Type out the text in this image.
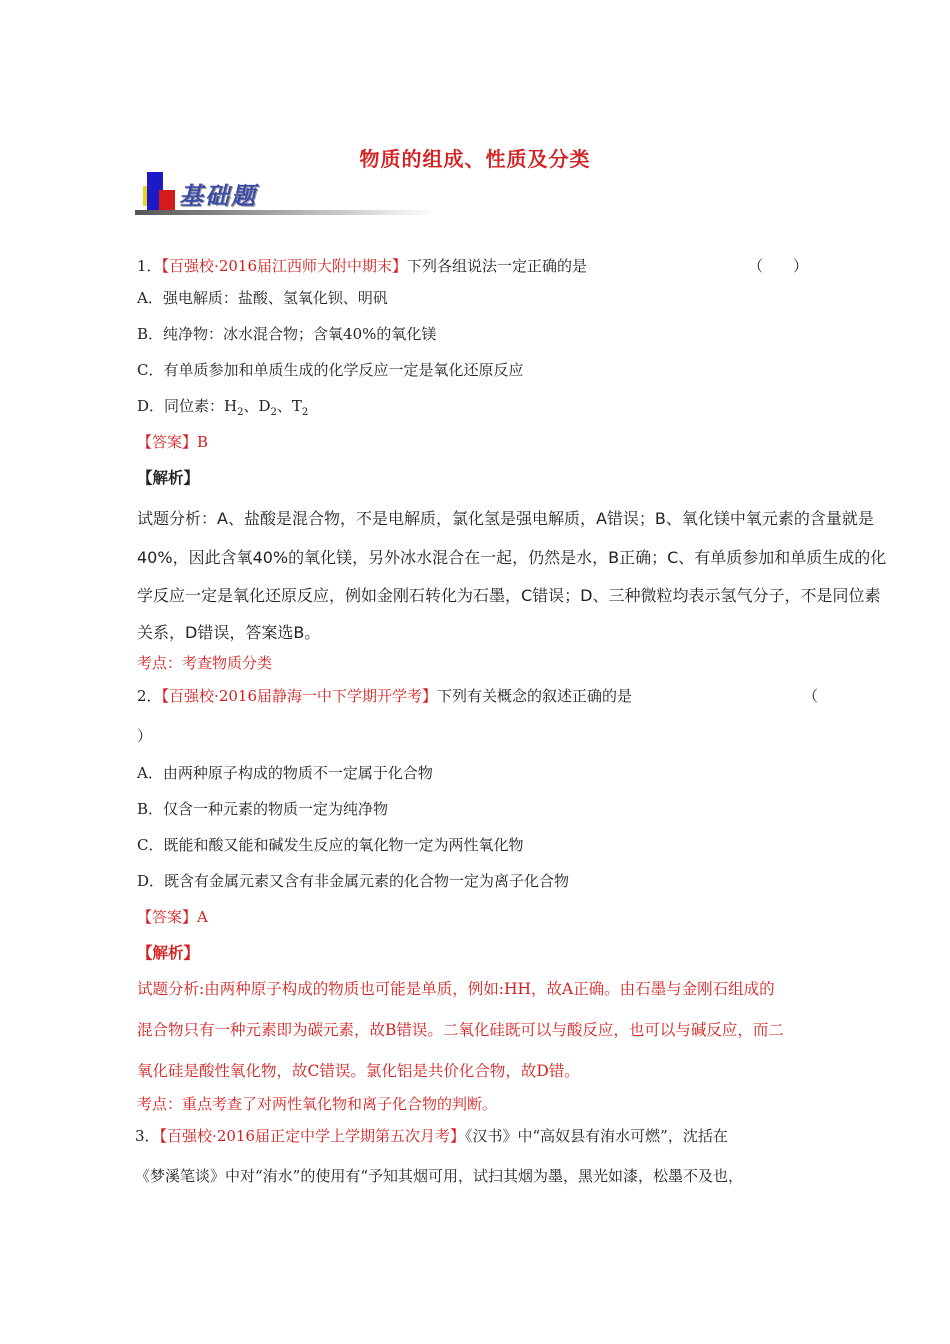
物质的组成、性质及分类
基础题
1．【百强校·2016届江西师大附中期末】下列各组说法一定正确的是	（　　）
A．强电解质：盐酸、氢氧化钡、明矾
B．纯净物：冰水混合物；含氧40%的氧化镁
C．有单质参加和单质生成的化学反应一定是氧化还原反应
D．同位素：$H_2$、$D_2$、$T_2$
【答案】B
【解析】
试题分析：A、盐酸是混合物，不是电解质，氯化氢是强电解质，A错误；B、氧化镁中氧元素的含量就是
40%，因此含氧40%的氧化镁，另外冰水混合在一起，仍然是水，B正确；C、有单质参加和单质生成的化
学反应一定是氧化还原反应，例如金刚石转化为石墨，C错误；D、三种微粒均表示氢气分子，不是同位素
关系，D错误，答案选B。
考点：考查物质分类
2．【百强校·2016届静海一中下学期开学考】下列有关概念的叙述正确的是	（
）
A．由两种原子构成的物质不一定属于化合物
B．仅含一种元素的物质一定为纯净物
C．既能和酸又能和碱发生反应的氧化物一定为两性氧化物
D．既含有金属元素又含有非金属元素的化合物一定为离子化合物
【答案】A
【解析】
试题分析:由两种原子构成的物质也可能是单质，例如:HH，故A正确。由石墨与金刚石组成的
混合物只有一种元素即为碳元素，故B错误。二氧化硅既可以与酸反应，也可以与碱反应，而二
氧化硅是酸性氧化物，故C错误。氯化铝是共价化合物，故D错。
考点：重点考查了对两性氧化物和离子化合物的判断。
3．【百强校·2016届正定中学上学期第五次月考】《汉书》中“高奴县有洧水可燃”，沈括在
《梦溪笔谈》中对“洧水”的使用有“予知其烟可用，试扫其烟为墨，黑光如漆，松墨不及也，
